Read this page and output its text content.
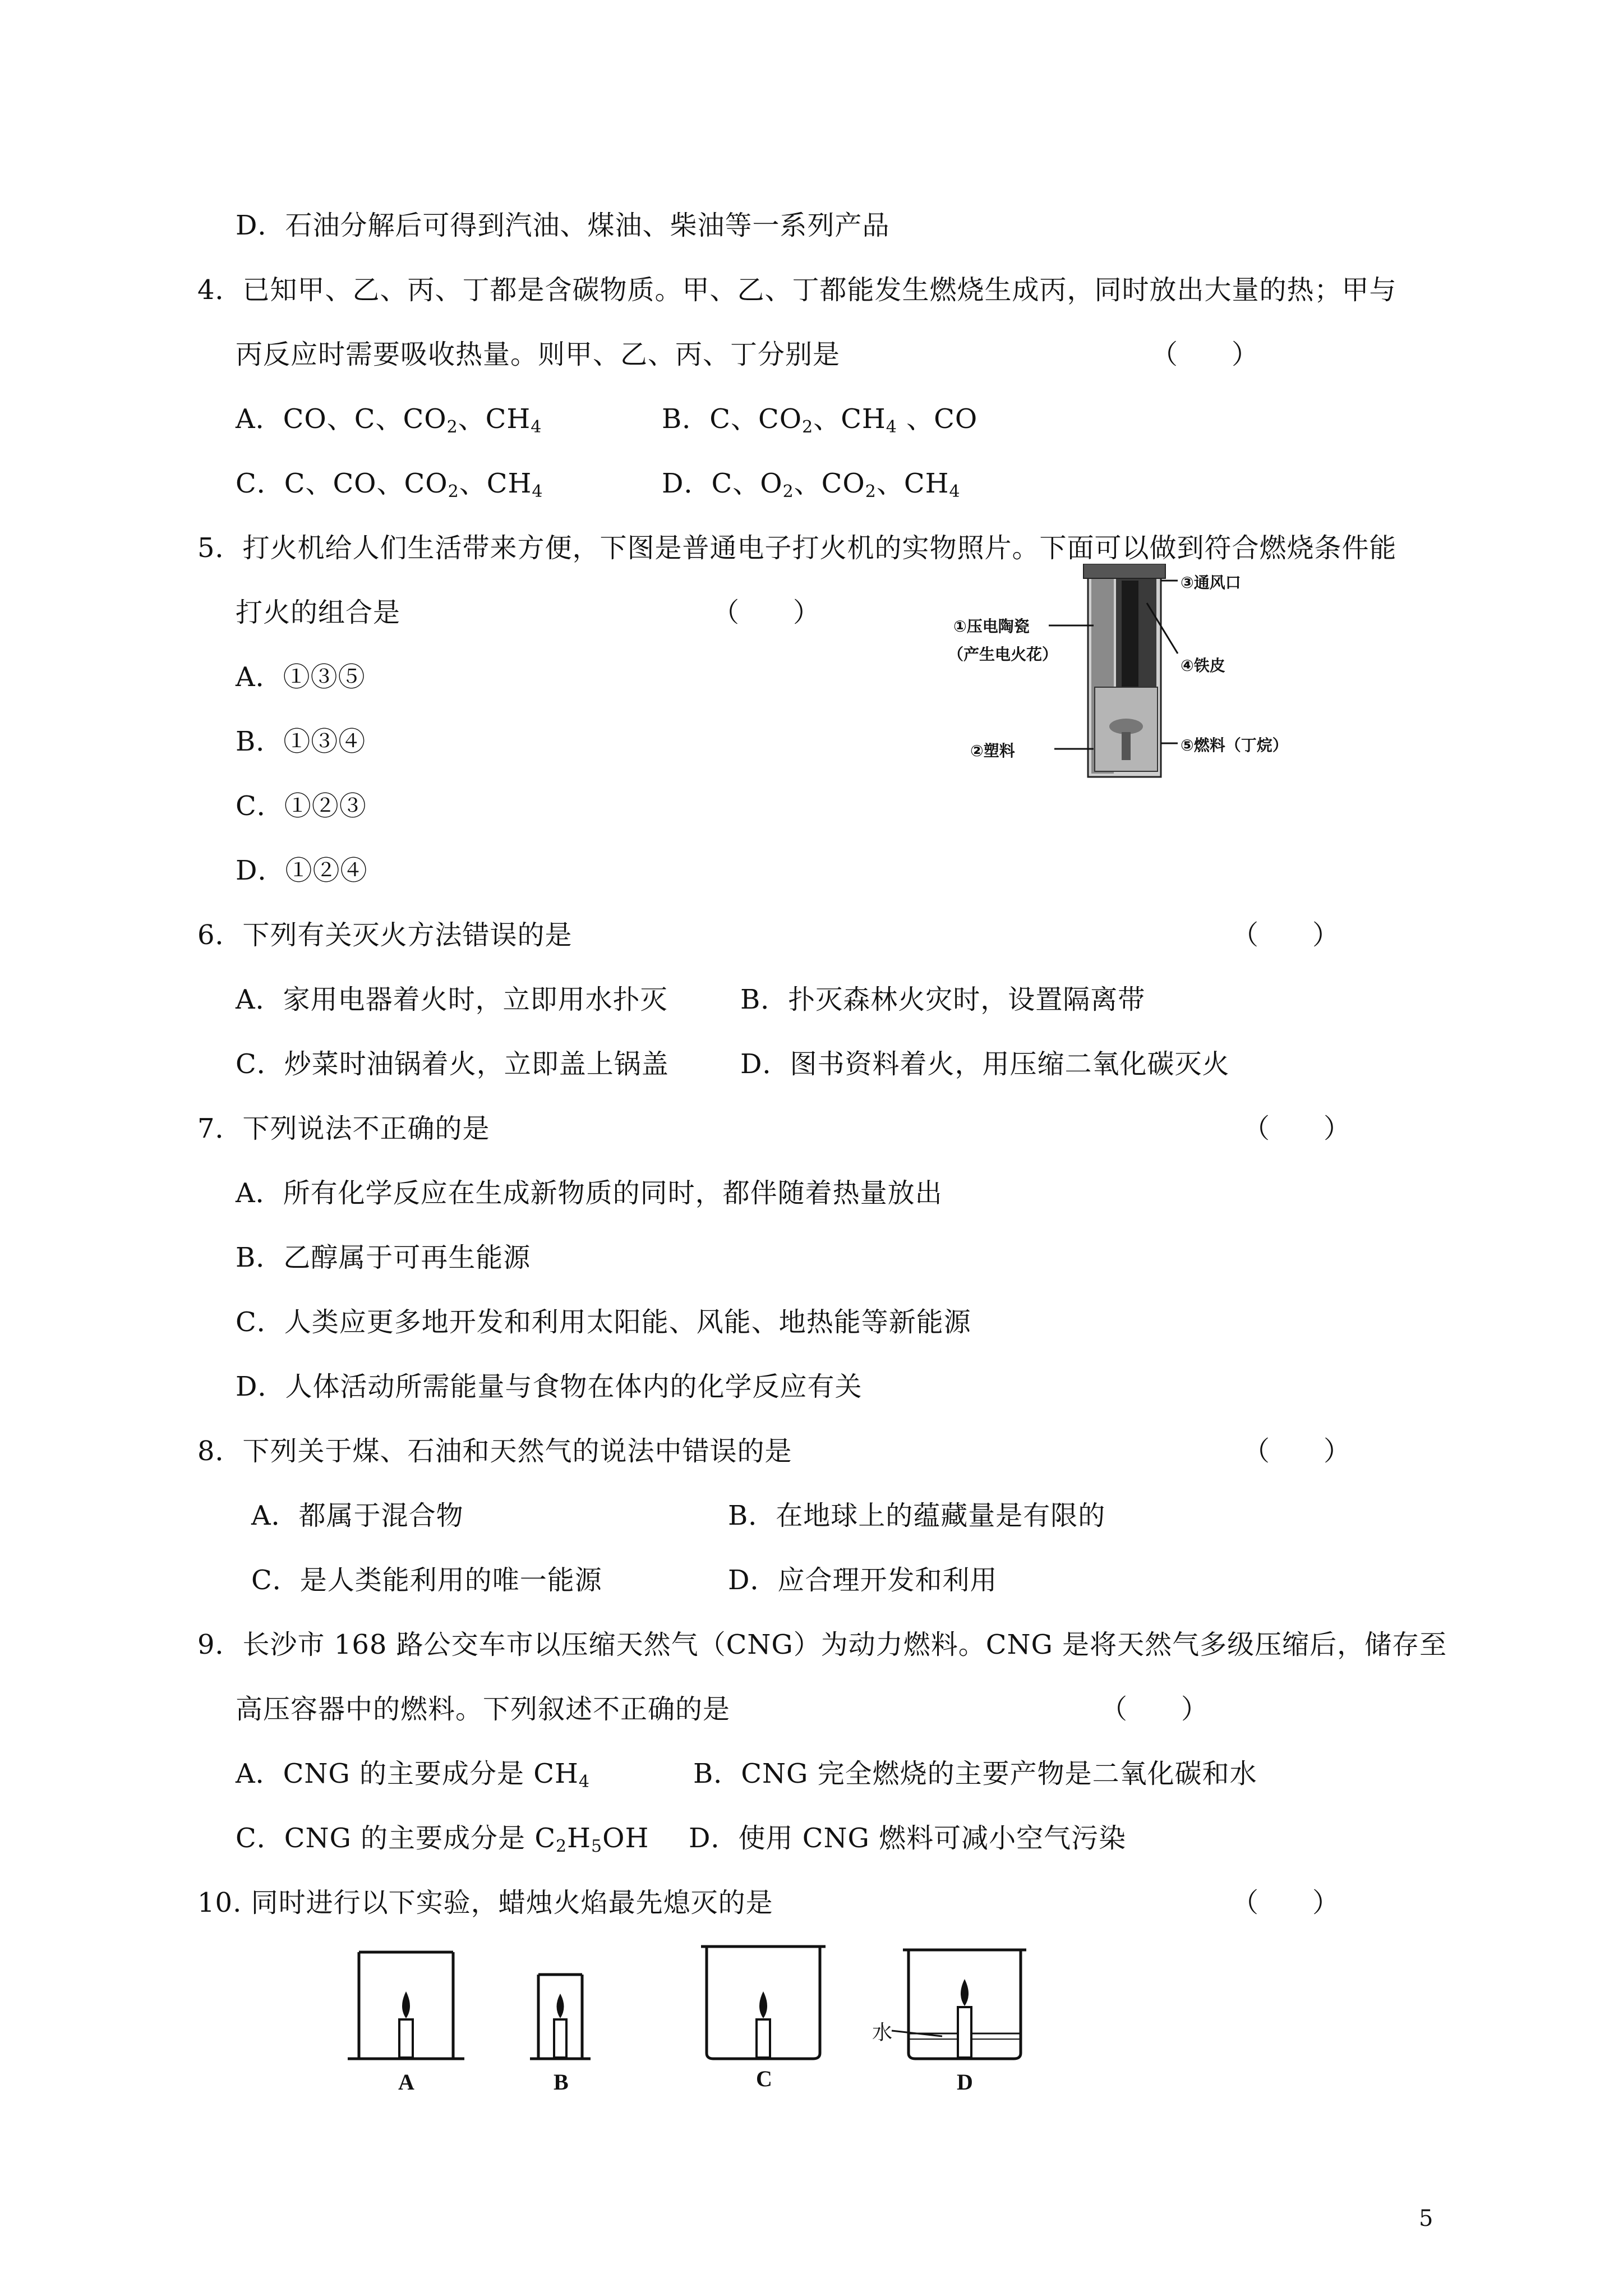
D．石油分解后可得到汽油、煤油、柴油等一系列产品
4．已知甲、乙、丙、丁都是含碳物质。甲、乙、丁都能发生燃烧生成丙，同时放出大量的热；甲与
丙反应时需要吸收热量。则甲、乙、丙、丁分别是	（　　）
A．CO、C、$CO_2$、$CH_4$	B．C、$CO_2$、$CH_4$ 、CO
C．C、CO、$CO_2$、$CH_4$	D．C、$O_2$、$CO_2$、$CH_4$
5．打火机给人们生活带来方便，下图是普通电子打火机的实物照片。下面可以做到符合燃烧条件能
打火的组合是	（　　）
A．①③⑤
B．①③④
C．①②③
D．①②④
①压电陶瓷
（产生电火花）
②塑料
③通风口
④铁皮
⑤燃料（丁烷）
6．下列有关灭火方法错误的是	（　　）
A．家用电器着火时，立即用水扑灭	B．扑灭森林火灾时，设置隔离带
C．炒菜时油锅着火，立即盖上锅盖	D．图书资料着火，用压缩二氧化碳灭火
7．下列说法不正确的是	（　　）
A．所有化学反应在生成新物质的同时，都伴随着热量放出
B．乙醇属于可再生能源
C．人类应更多地开发和利用太阳能、风能、地热能等新能源
D．人体活动所需能量与食物在体内的化学反应有关
8．下列关于煤、石油和天然气的说法中错误的是	（　　）
A．都属于混合物	B．在地球上的蕴藏量是有限的
C．是人类能利用的唯一能源	D．应合理开发和利用
9．长沙市 168 路公交车市以压缩天然气（CNG）为动力燃料。CNG 是将天然气多级压缩后，储存至
高压容器中的燃料。下列叙述不正确的是	（　　）
A．CNG 的主要成分是 $CH_4$	B．CNG 完全燃烧的主要产物是二氧化碳和水
C．CNG 的主要成分是 $C_2H_5OH$ D．使用 CNG 燃料可减小空气污染
10. 同时进行以下实验，蜡烛火焰最先熄灭的是	（　　）
A	B	C	D
水
5
